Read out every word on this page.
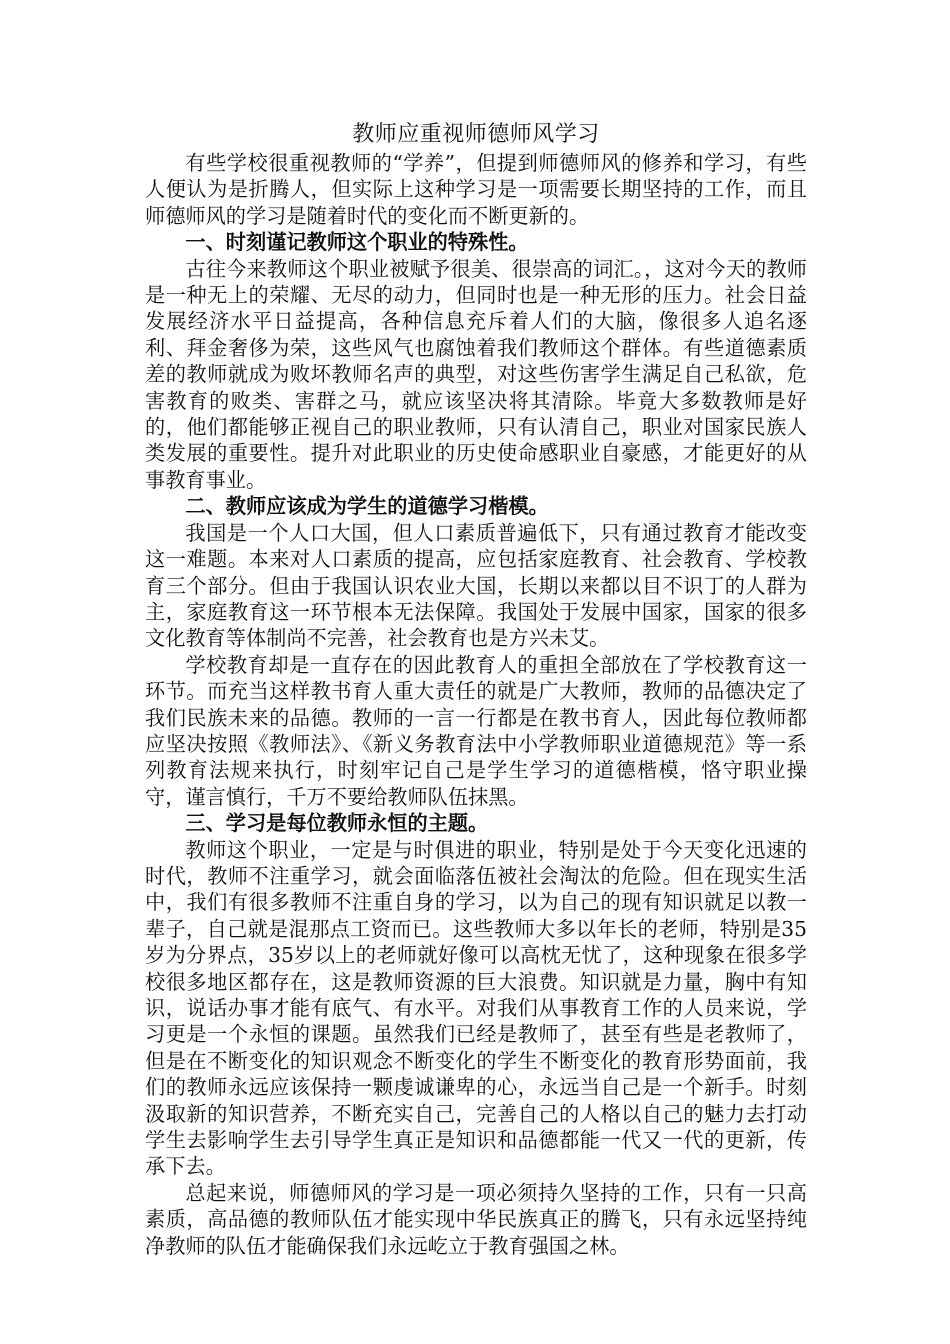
教师应重视师德师风学习

有些学校很重视教师的“学养”，但提到师德师风的修养和学习，有些人便认为是折腾人，但实际上这种学习是一项需要长期坚持的工作，而且师德师风的学习是随着时代的变化而不断更新的。

一、时刻谨记教师这个职业的特殊性。

古往今来教师这个职业被赋予很美、很崇高的词汇。，这对今天的教师是一种无上的荣耀、无尽的动力，但同时也是一种无形的压力。社会日益发展经济水平日益提高，各种信息充斥着人们的大脑，像很多人追名逐利、拜金奢侈为荣，这些风气也腐蚀着我们教师这个群体。有些道德素质差的教师就成为败坏教师名声的典型，对这些伤害学生满足自己私欲，危害教育的败类、害群之马，就应该坚决将其清除。毕竟大多数教师是好的，他们都能够正视自己的职业教师，只有认清自己，职业对国家民族人类发展的重要性。提升对此职业的历史使命感职业自豪感，才能更好的从事教育事业。

二、教师应该成为学生的道德学习楷模。

我国是一个人口大国，但人口素质普遍低下，只有通过教育才能改变这一难题。本来对人口素质的提高，应包括家庭教育、社会教育、学校教育三个部分。但由于我国认识农业大国，长期以来都以目不识丁的人群为主，家庭教育这一环节根本无法保障。我国处于发展中国家，国家的很多文化教育等体制尚不完善，社会教育也是方兴未艾。

学校教育却是一直存在的因此教育人的重担全部放在了学校教育这一环节。而充当这样教书育人重大责任的就是广大教师，教师的品德决定了我们民族未来的品德。教师的一言一行都是在教书育人，因此每位教师都应坚决按照《教师法》、《新义务教育法中小学教师职业道德规范》等一系列教育法规来执行，时刻牢记自己是学生学习的道德楷模，恪守职业操守，谨言慎行，千万不要给教师队伍抹黑。

三、学习是每位教师永恒的主题。

教师这个职业，一定是与时俱进的职业，特别是处于今天变化迅速的时代，教师不注重学习，就会面临落伍被社会淘汰的危险。但在现实生活中，我们有很多教师不注重自身的学习，以为自己的现有知识就足以教一辈子，自己就是混那点工资而已。这些教师大多以年长的老师，特别是35岁为分界点，35岁以上的老师就好像可以高枕无忧了，这种现象在很多学校很多地区都存在，这是教师资源的巨大浪费。知识就是力量，胸中有知识，说话办事才能有底气、有水平。对我们从事教育工作的人员来说，学习更是一个永恒的课题。虽然我们已经是教师了，甚至有些是老教师了，但是在不断变化的知识观念不断变化的学生不断变化的教育形势面前，我们的教师永远应该保持一颗虔诚谦卑的心，永远当自己是一个新手。时刻汲取新的知识营养，不断充实自己，完善自己的人格以自己的魅力去打动学生去影响学生去引导学生真正是知识和品德都能一代又一代的更新，传承下去。

总起来说，师德师风的学习是一项必须持久坚持的工作，只有一只高素质，高品德的教师队伍才能实现中华民族真正的腾飞，只有永远坚持纯净教师的队伍才能确保我们永远屹立于教育强国之林。
